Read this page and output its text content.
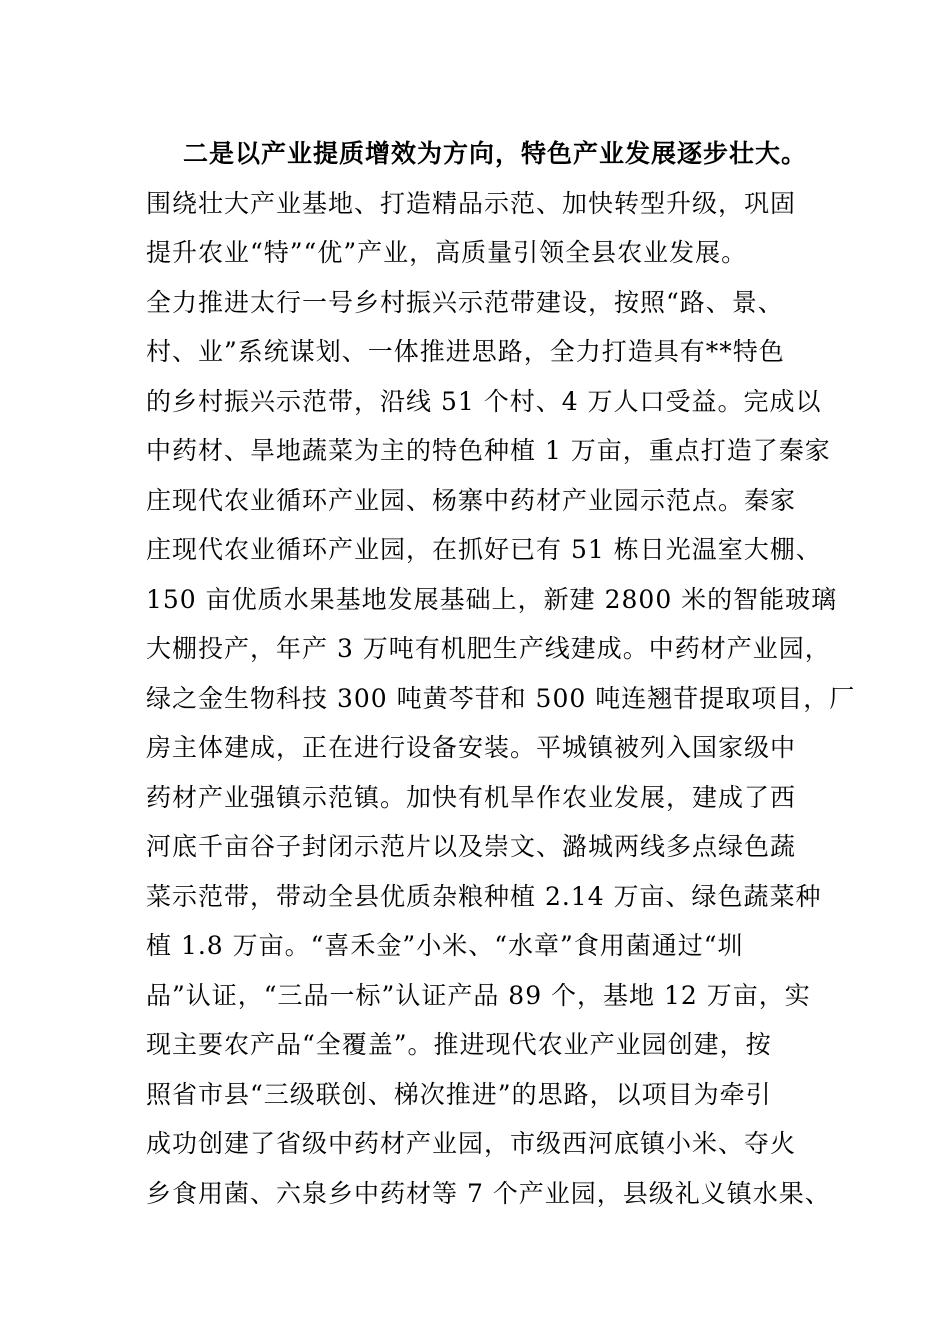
二是以产业提质增效为方向，特色产业发展逐步壮大。
围绕壮大产业基地、打造精品示范、加快转型升级，巩固
提升农业“特”“优”产业，高质量引领全县农业发展。
全力推进太行一号乡村振兴示范带建设，按照“路、景、
村、业”系统谋划、一体推进思路，全力打造具有**特色
的乡村振兴示范带，沿线 51 个村、4 万人口受益。完成以
中药材、旱地蔬菜为主的特色种植 1 万亩，重点打造了秦家
庄现代农业循环产业园、杨寨中药材产业园示范点。秦家
庄现代农业循环产业园，在抓好已有 51 栋日光温室大棚、
150 亩优质水果基地发展基础上，新建 2800 米的智能玻璃
大棚投产，年产 3 万吨有机肥生产线建成。中药材产业园，
绿之金生物科技 300 吨黄芩苷和 500 吨连翘苷提取项目，厂
房主体建成，正在进行设备安装。平城镇被列入国家级中
药材产业强镇示范镇。加快有机旱作农业发展，建成了西
河底千亩谷子封闭示范片以及崇文、潞城两线多点绿色蔬
菜示范带，带动全县优质杂粮种植 2.14 万亩、绿色蔬菜种
植 1.8 万亩。“喜禾金”小米、“水章”食用菌通过“圳
品”认证，“三品一标”认证产品 89 个，基地 12 万亩，实
现主要农产品“全覆盖”。推进现代农业产业园创建，按
照省市县“三级联创、梯次推进”的思路，以项目为牵引
成功创建了省级中药材产业园，市级西河底镇小米、夺火
乡食用菌、六泉乡中药材等 7 个产业园，县级礼义镇水果、
